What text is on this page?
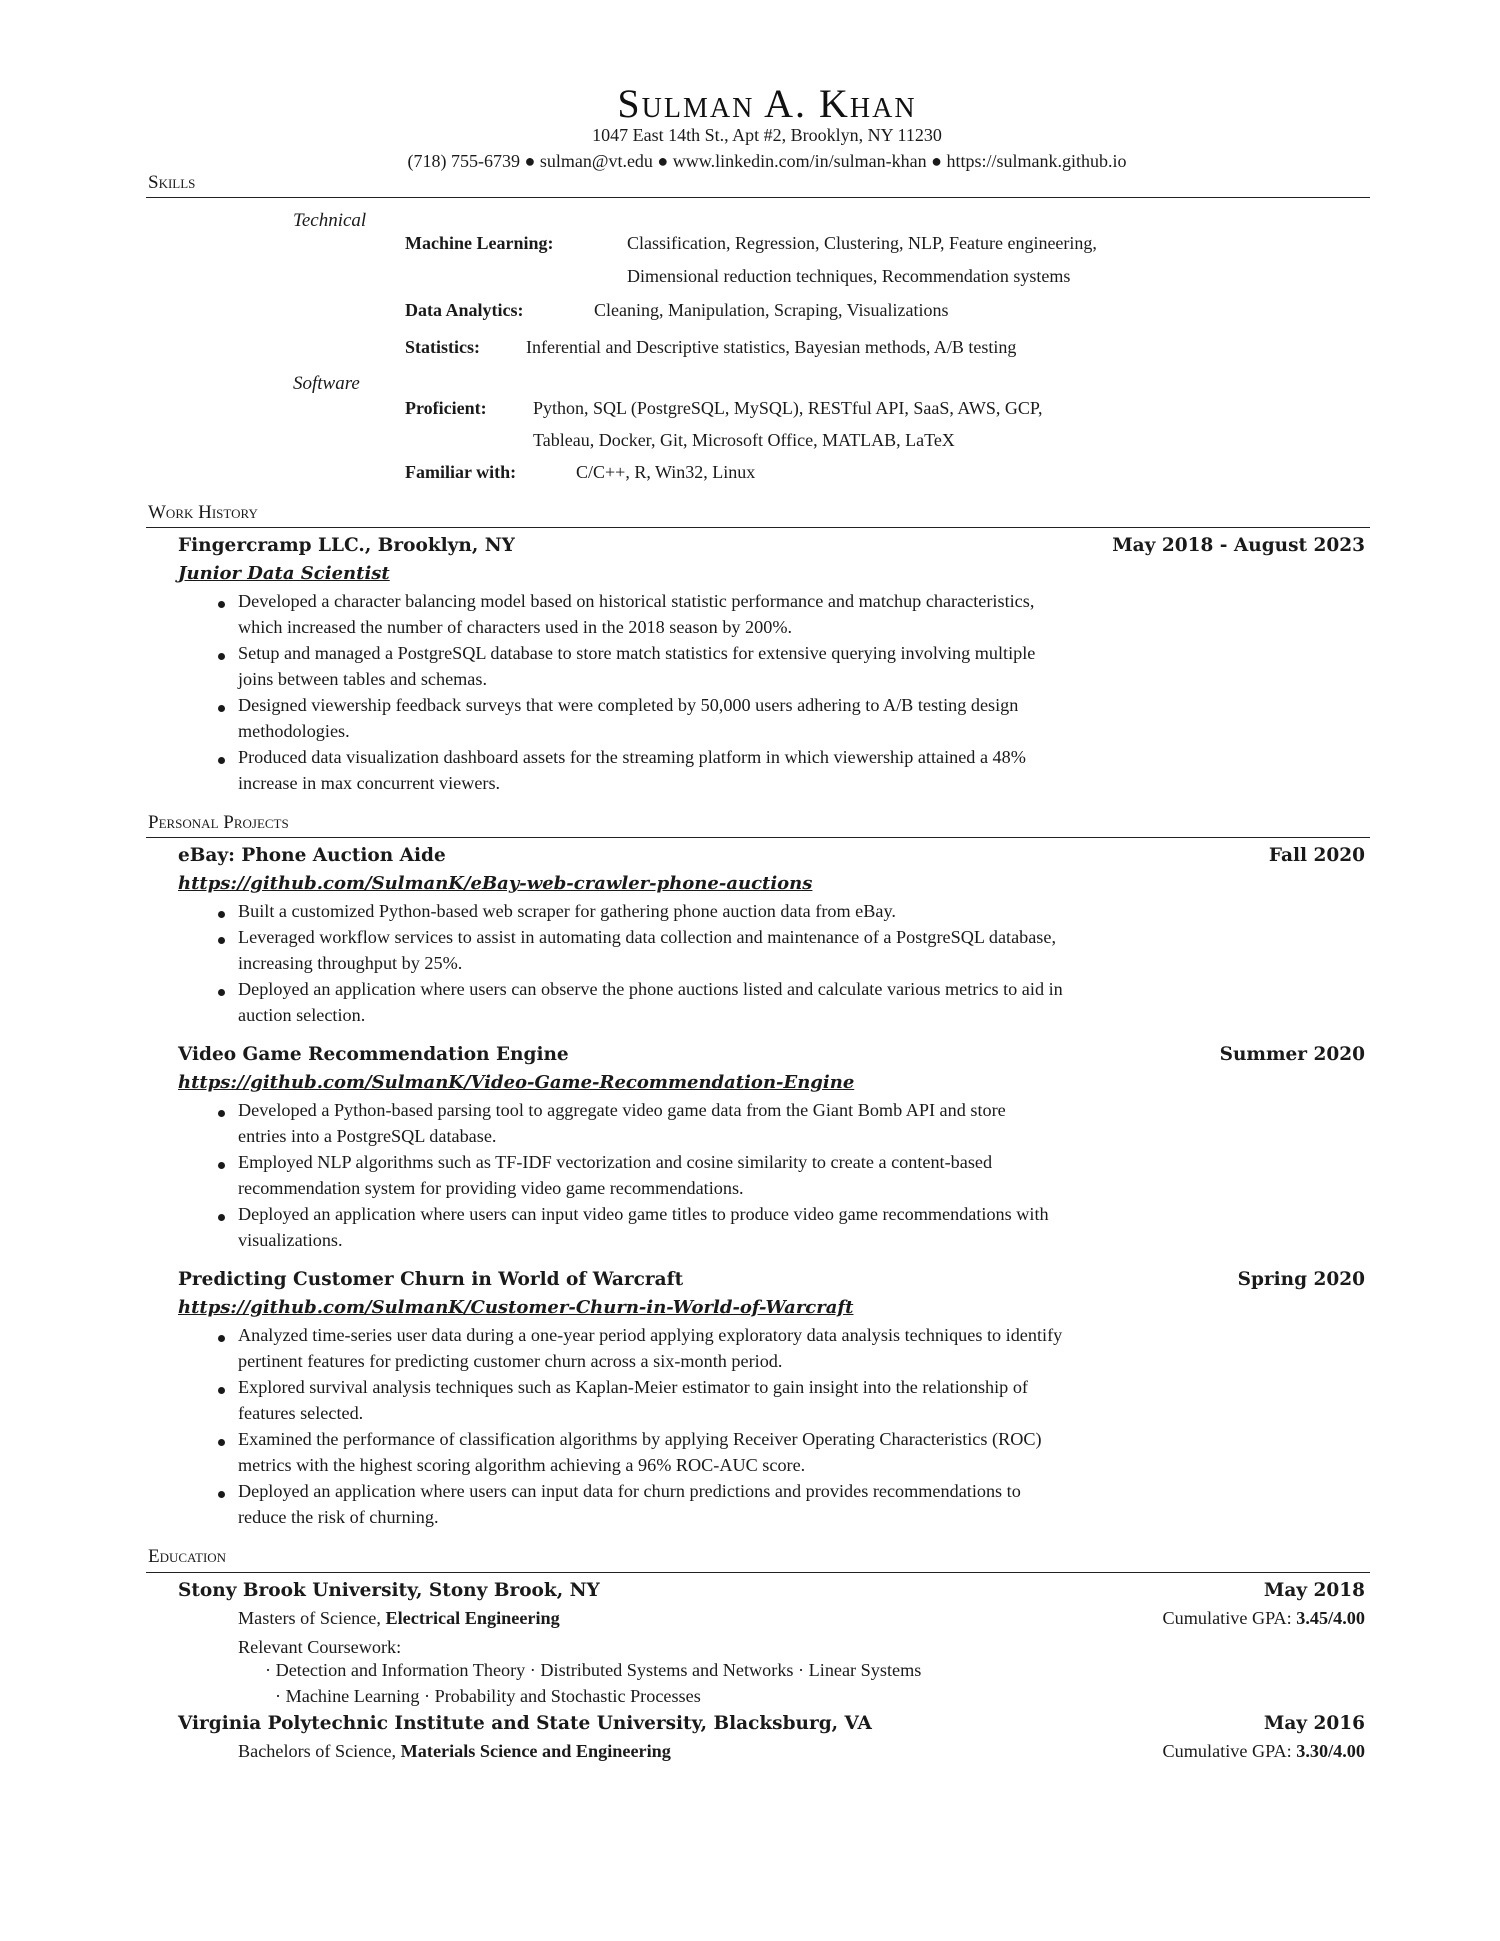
Sulman A. Khan
1047 East 14th St., Apt #2, Brooklyn, NY 11230
(718) 755-6739 ● sulman@vt.edu ● www.linkedin.com/in/sulman-khan ● https://sulmank.github.io
Skills
Technical
Machine Learning:	Classification, Regression, Clustering, NLP, Feature engineering,
Dimensional reduction techniques, Recommendation systems
Data Analytics:	Cleaning, Manipulation, Scraping, Visualizations
Statistics:	Inferential and Descriptive statistics, Bayesian methods, A/B testing
Software
Proficient:	Python, SQL (PostgreSQL, MySQL), RESTful API, SaaS, AWS, GCP,
Tableau, Docker, Git, Microsoft Office, MATLAB, LaTeX
Familiar with:	C/C++, R, Win32, Linux
Work History
Fingercramp LLC., Brooklyn, NY	May 2018 - August 2023
Junior Data Scientist
Developed a character balancing model based on historical statistic performance and matchup characteristics,
which increased the number of characters used in the 2018 season by 200%.
Setup and managed a PostgreSQL database to store match statistics for extensive querying involving multiple
joins between tables and schemas.
Designed viewership feedback surveys that were completed by 50,000 users adhering to A/B testing design
methodologies.
Produced data visualization dashboard assets for the streaming platform in which viewership attained a 48%
increase in max concurrent viewers.
Personal Projects
eBay: Phone Auction Aide	Fall 2020
https://github.com/SulmanK/eBay-web-crawler-phone-auctions
Built a customized Python-based web scraper for gathering phone auction data from eBay.
Leveraged workflow services to assist in automating data collection and maintenance of a PostgreSQL database,
increasing throughput by 25%.
Deployed an application where users can observe the phone auctions listed and calculate various metrics to aid in
auction selection.
Video Game Recommendation Engine	Summer 2020
https://github.com/SulmanK/Video-Game-Recommendation-Engine
Developed a Python-based parsing tool to aggregate video game data from the Giant Bomb API and store
entries into a PostgreSQL database.
Employed NLP algorithms such as TF-IDF vectorization and cosine similarity to create a content-based
recommendation system for providing video game recommendations.
Deployed an application where users can input video game titles to produce video game recommendations with
visualizations.
Predicting Customer Churn in World of Warcraft	Spring 2020
https://github.com/SulmanK/Customer-Churn-in-World-of-Warcraft
Analyzed time-series user data during a one-year period applying exploratory data analysis techniques to identify
pertinent features for predicting customer churn across a six-month period.
Explored survival analysis techniques such as Kaplan-Meier estimator to gain insight into the relationship of
features selected.
Examined the performance of classification algorithms by applying Receiver Operating Characteristics (ROC)
metrics with the highest scoring algorithm achieving a 96% ROC-AUC score.
Deployed an application where users can input data for churn predictions and provides recommendations to
reduce the risk of churning.
Education
Stony Brook University, Stony Brook, NY	May 2018
Masters of Science, Electrical Engineering	Cumulative GPA: 3.45/4.00
Relevant Coursework:
· Detection and Information Theory · Distributed Systems and Networks · Linear Systems
· Machine Learning · Probability and Stochastic Processes
Virginia Polytechnic Institute and State University, Blacksburg, VA	May 2016
Bachelors of Science, Materials Science and Engineering	Cumulative GPA: 3.30/4.00
